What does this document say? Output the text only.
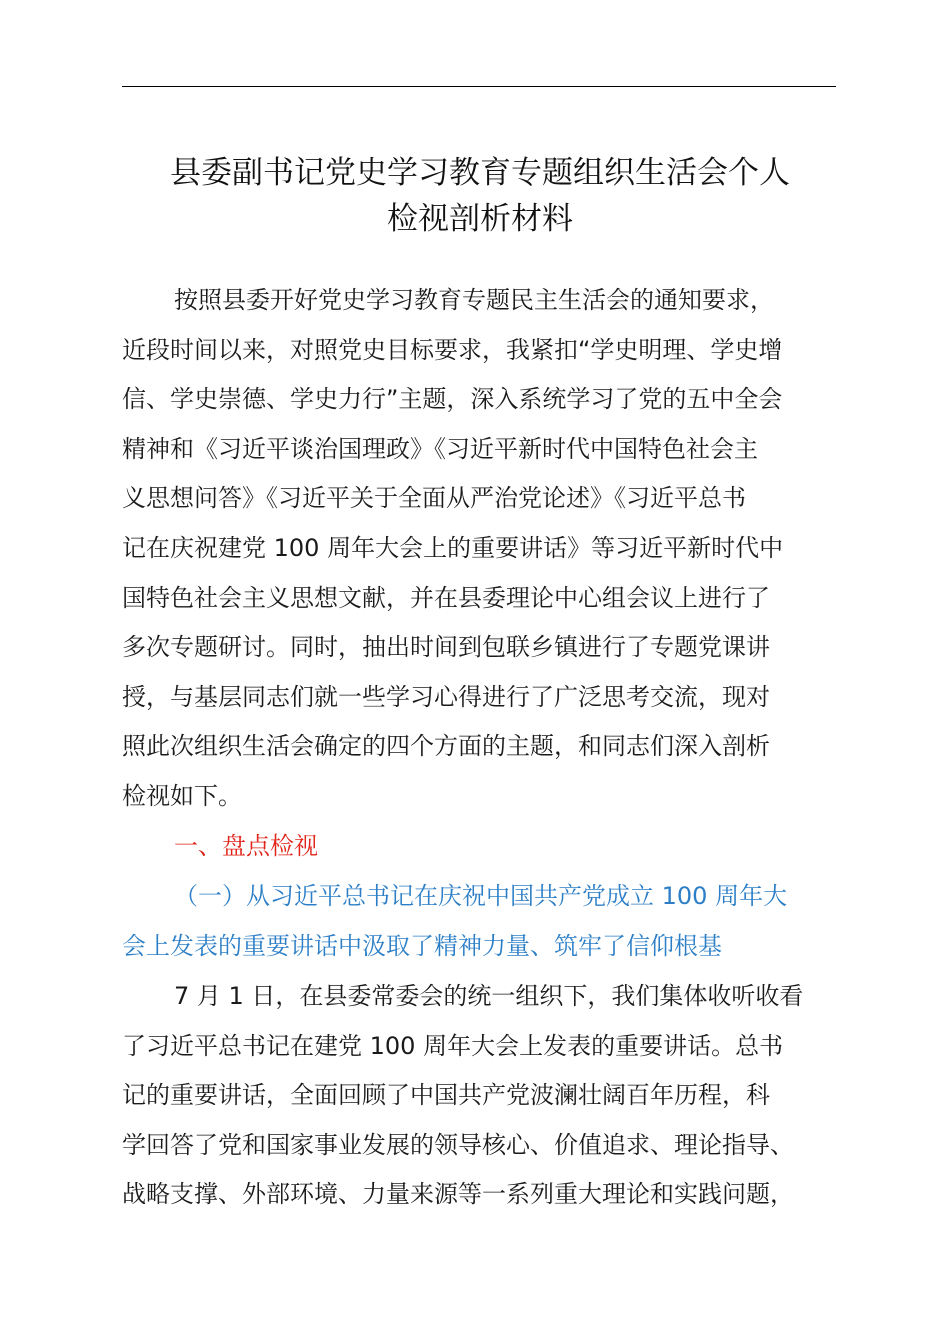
县委副书记党史学习教育专题组织生活会个人
检视剖析材料
按照县委开好党史学习教育专题民主生活会的通知要求，
近段时间以来，对照党史目标要求，我紧扣“学史明理、学史增
信、学史崇德、学史力行”主题，深入系统学习了党的五中全会
精神和《习近平谈治国理政》《习近平新时代中国特色社会主
义思想问答》《习近平关于全面从严治党论述》《习近平总书
记在庆祝建党 100 周年大会上的重要讲话》等习近平新时代中
国特色社会主义思想文献，并在县委理论中心组会议上进行了
多次专题研讨。同时，抽出时间到包联乡镇进行了专题党课讲
授，与基层同志们就一些学习心得进行了广泛思考交流，现对
照此次组织生活会确定的四个方面的主题，和同志们深入剖析
检视如下。
一、盘点检视
（一）从习近平总书记在庆祝中国共产党成立 100 周年大
会上发表的重要讲话中汲取了精神力量、筑牢了信仰根基
7 月 1 日，在县委常委会的统一组织下，我们集体收听收看
了习近平总书记在建党 100 周年大会上发表的重要讲话。总书
记的重要讲话，全面回顾了中国共产党波澜壮阔百年历程，科
学回答了党和国家事业发展的领导核心、价值追求、理论指导、
战略支撑、外部环境、力量来源等一系列重大理论和实践问题，
